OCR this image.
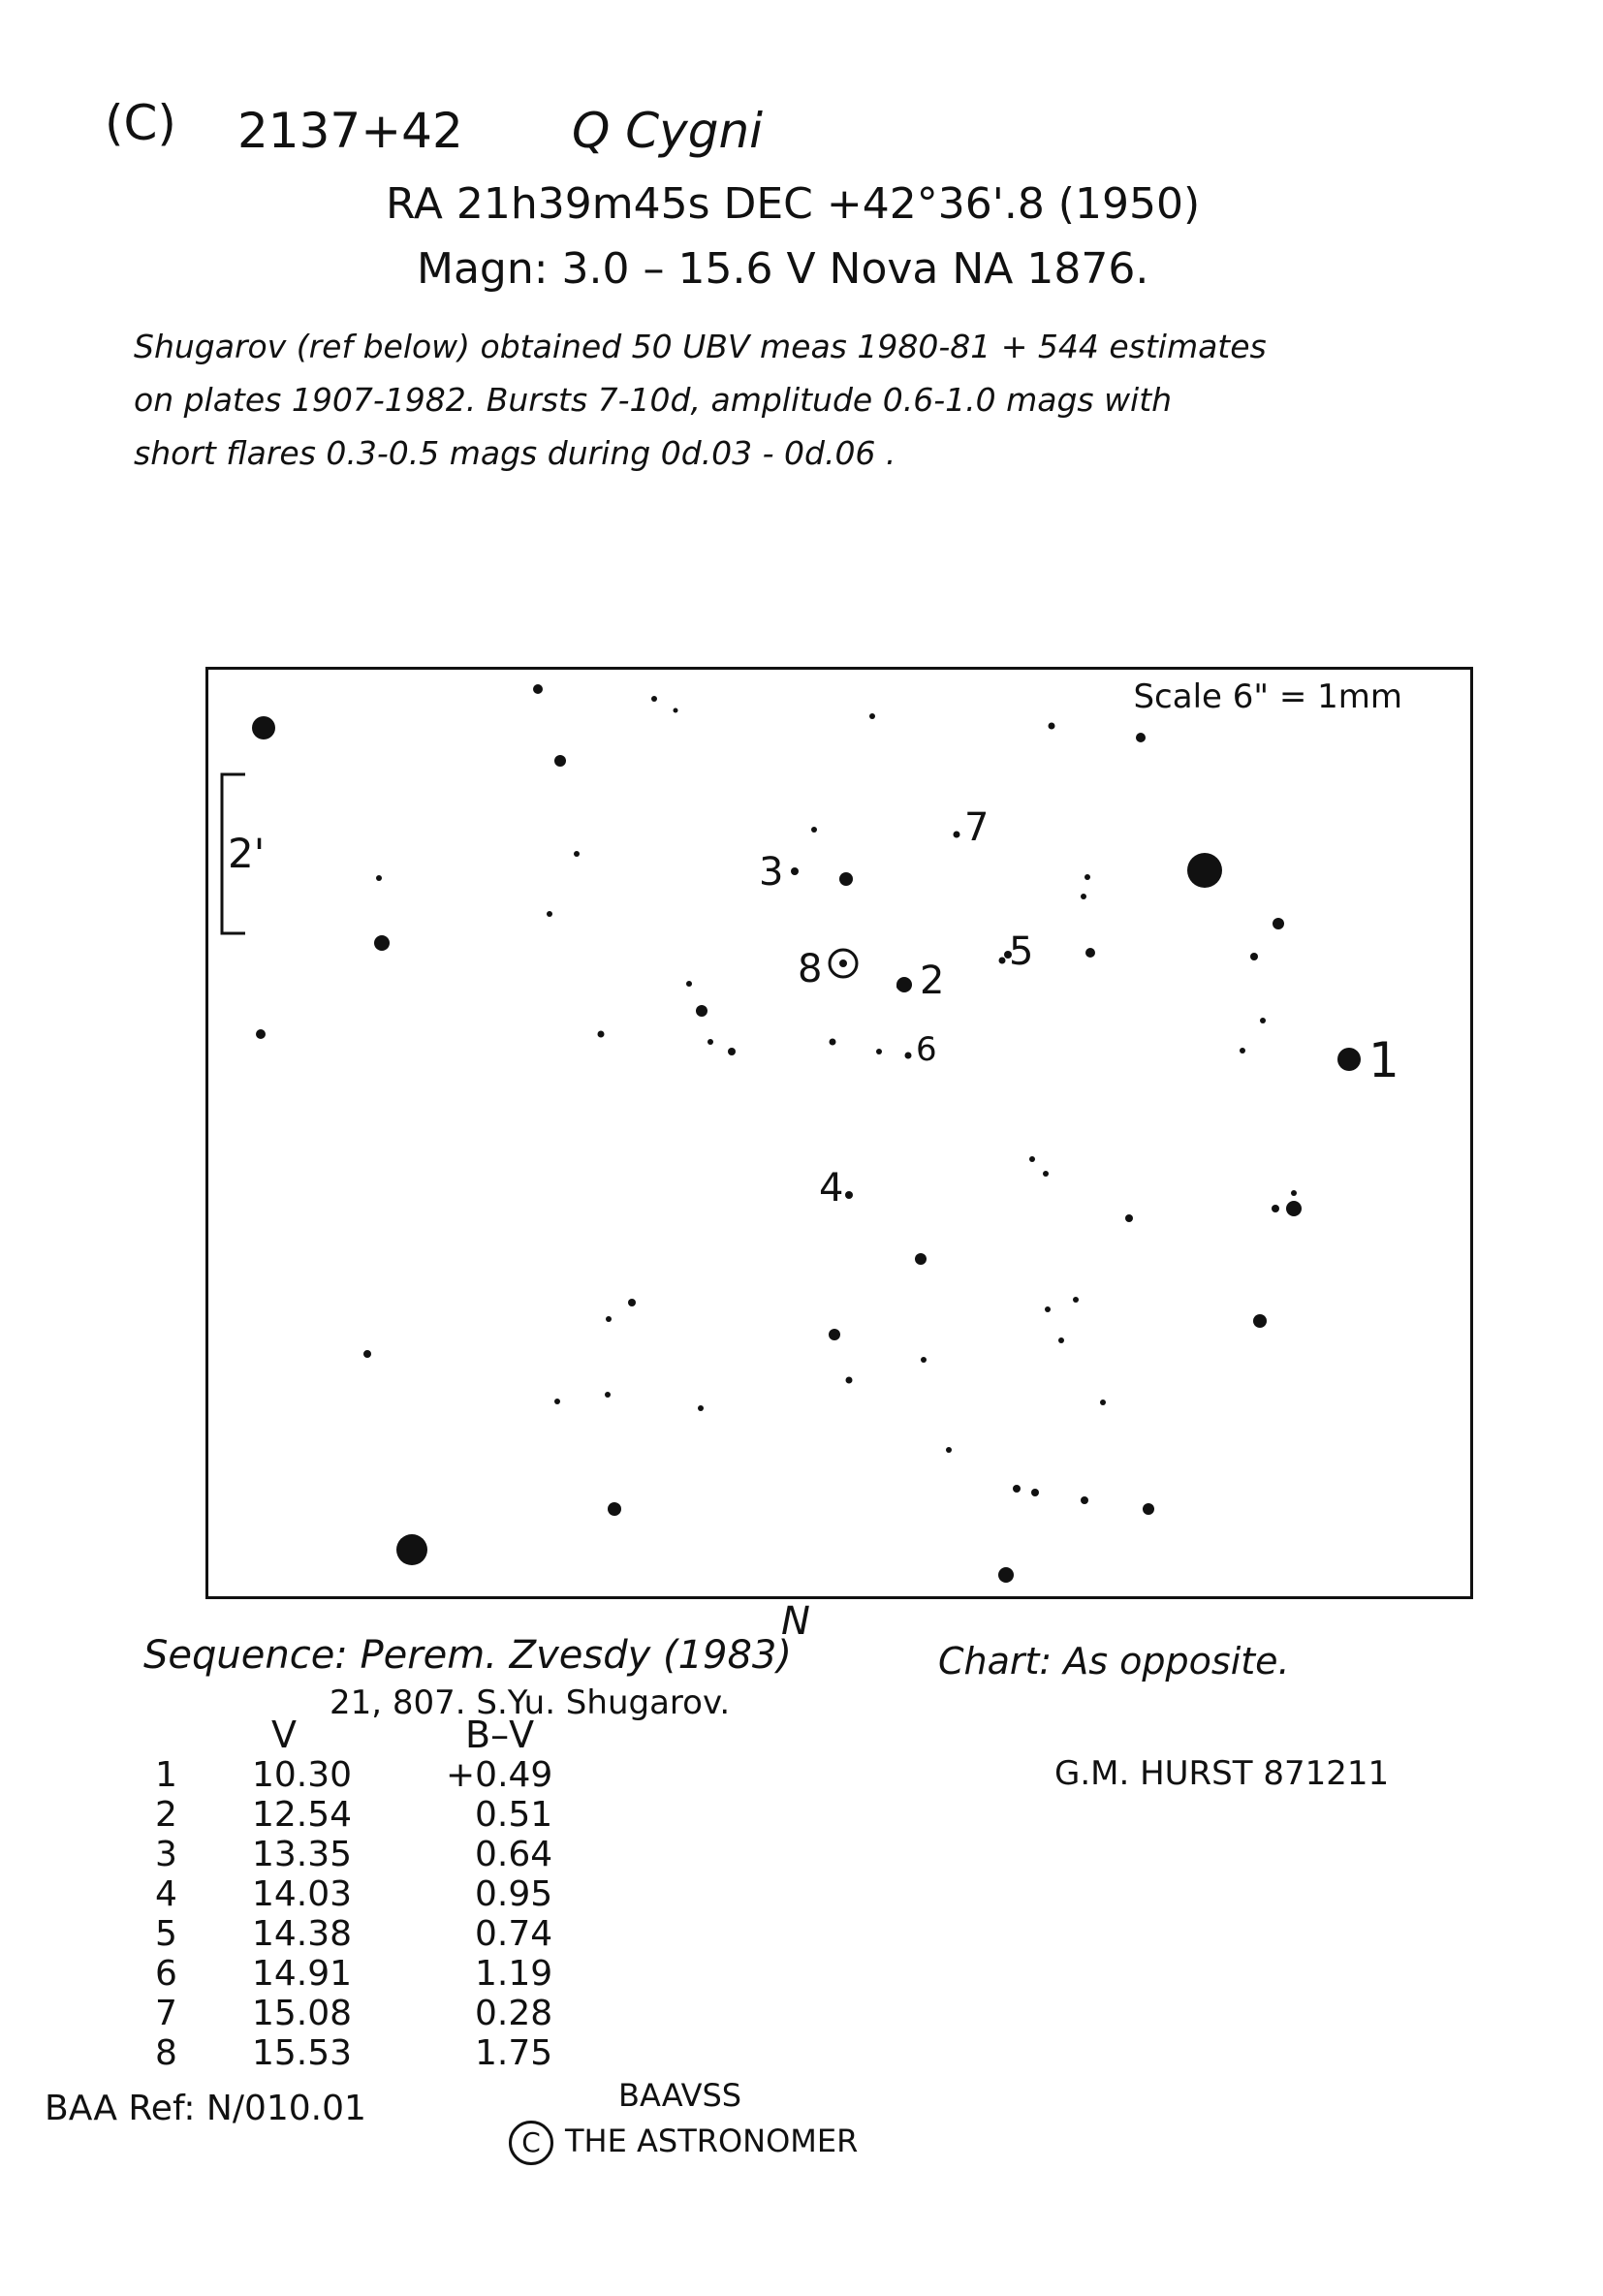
(C) 2137+42 Q Cygni
RA 21h39m45s DEC +42°36'.8 (1950)
Magn: 3.0 – 15.6 V Nova NA 1876.
Shugarov (ref below) obtained 50 UBV meas 1980-81 + 544 estimates
on plates 1907-1982. Bursts 7-10d, amplitude 0.6-1.0 mags with
short flares 0.3-0.5 mags during 0d.03 - 0d.06 .
Scale 6" = 1mm
2'
1
2
3
4
5
6
7
8
N
Sequence: Perem. Zvesdy (1983)
21, 807. S.Yu. Shugarov.
Chart: As opposite.
G.M. HURST 871211
	V	B–V
1	10.30	+0.49
2	12.54	0.51
3	13.35	0.64
4	14.03	0.95
5	14.38	0.74
6	14.91	1.19
7	15.08	0.28
8	15.53	1.75
BAA Ref: N/010.01	BAAVSS
C THE ASTRONOMER
